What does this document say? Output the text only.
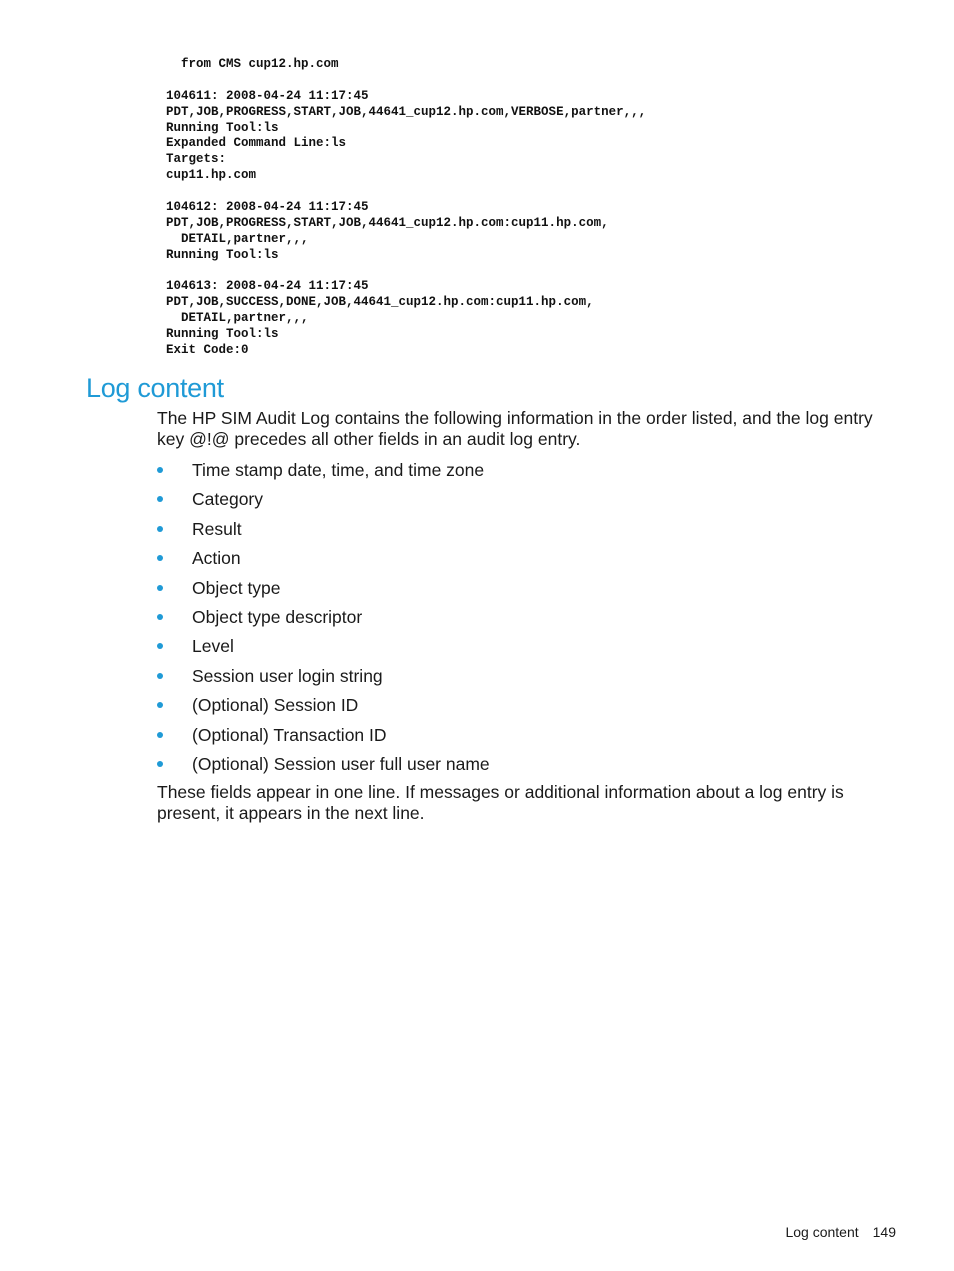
from CMS cup12.hp.com
104611: 2008-04-24 11:17:45
PDT,JOB,PROGRESS,START,JOB,44641_cup12.hp.com,VERBOSE,partner,,,
Running Tool:ls
Expanded Command Line:ls
Targets:
cup11.hp.com
104612: 2008-04-24 11:17:45
PDT,JOB,PROGRESS,START,JOB,44641_cup12.hp.com:cup11.hp.com,
DETAIL,partner,,,
Running Tool:ls
104613: 2008-04-24 11:17:45
PDT,JOB,SUCCESS,DONE,JOB,44641_cup12.hp.com:cup11.hp.com,
DETAIL,partner,,,
Running Tool:ls
Exit Code:0
Log content

The HP SIM Audit Log contains the following information in the order listed, and the log entry key @!@ precedes all other fields in an audit log entry.

Time stamp date, time, and time zone
Category
Result
Action
Object type
Object type descriptor
Level
Session user login string
(Optional) Session ID
(Optional) Transaction ID
(Optional) Session user full user name

These fields appear in one line. If messages or additional information about a log entry is present, it appears in the next line.

Log content 149
